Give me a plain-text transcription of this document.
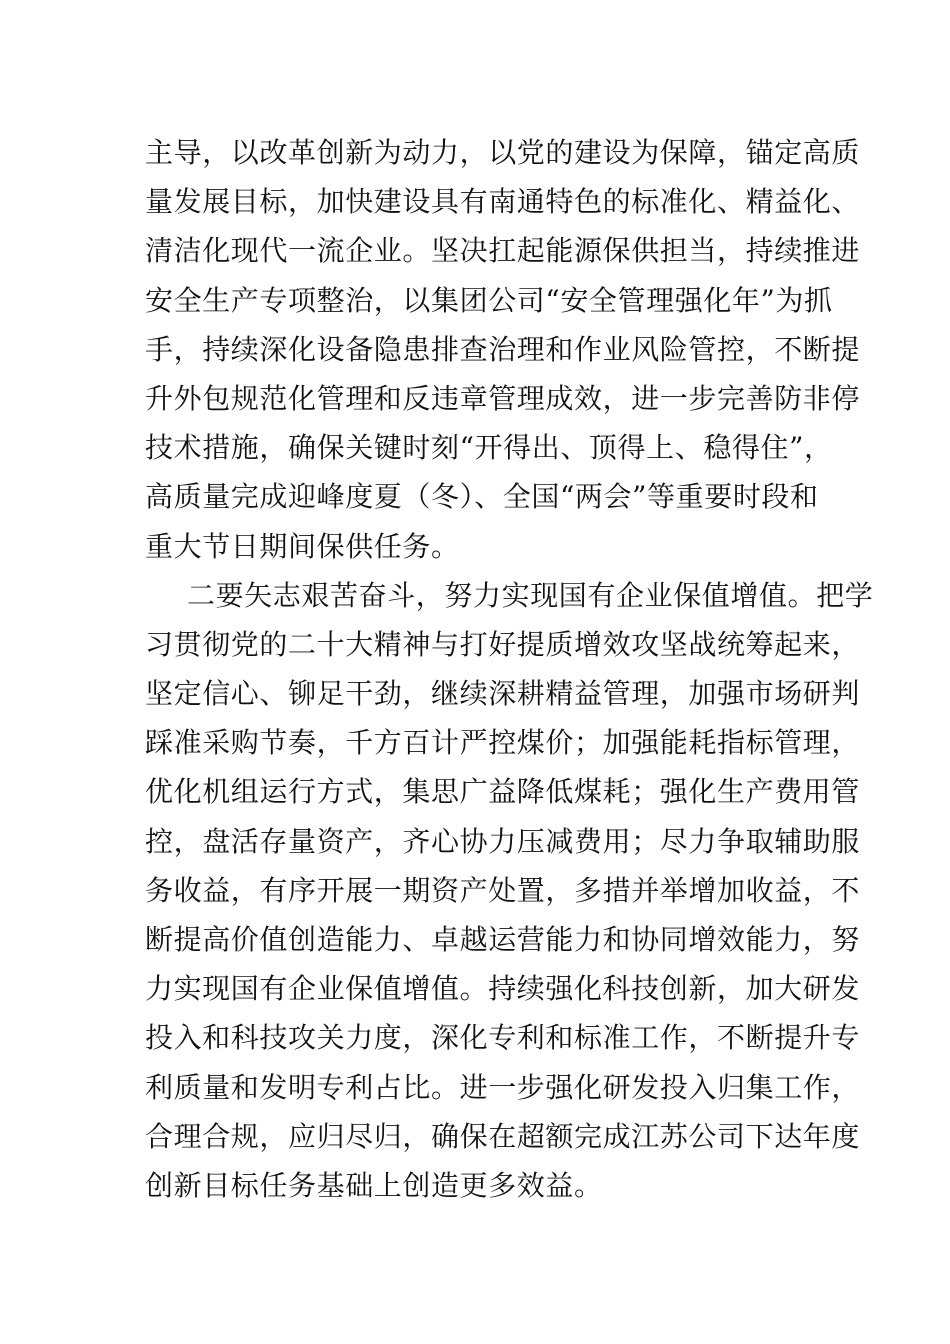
主导，以改革创新为动力，以党的建设为保障，锚定高质
量发展目标，加快建设具有南通特色的标准化、精益化、
清洁化现代一流企业。坚决扛起能源保供担当，持续推进
安全生产专项整治，以集团公司“安全管理强化年”为抓
手，持续深化设备隐患排查治理和作业风险管控，不断提
升外包规范化管理和反违章管理成效，进一步完善防非停
技术措施，确保关键时刻“开得出、顶得上、稳得住”，
高质量完成迎峰度夏（冬）、全国“两会”等重要时段和
重大节日期间保供任务。
二要矢志艰苦奋斗，努力实现国有企业保值增值。把学
习贯彻党的二十大精神与打好提质增效攻坚战统筹起来，
坚定信心、铆足干劲，继续深耕精益管理，加强市场研判
踩准采购节奏，千方百计严控煤价；加强能耗指标管理，
优化机组运行方式，集思广益降低煤耗；强化生产费用管
控，盘活存量资产，齐心协力压减费用；尽力争取辅助服
务收益，有序开展一期资产处置，多措并举增加收益，不
断提高价值创造能力、卓越运营能力和协同增效能力，努
力实现国有企业保值增值。持续强化科技创新，加大研发
投入和科技攻关力度，深化专利和标准工作，不断提升专
利质量和发明专利占比。进一步强化研发投入归集工作，
合理合规，应归尽归，确保在超额完成江苏公司下达年度
创新目标任务基础上创造更多效益。
